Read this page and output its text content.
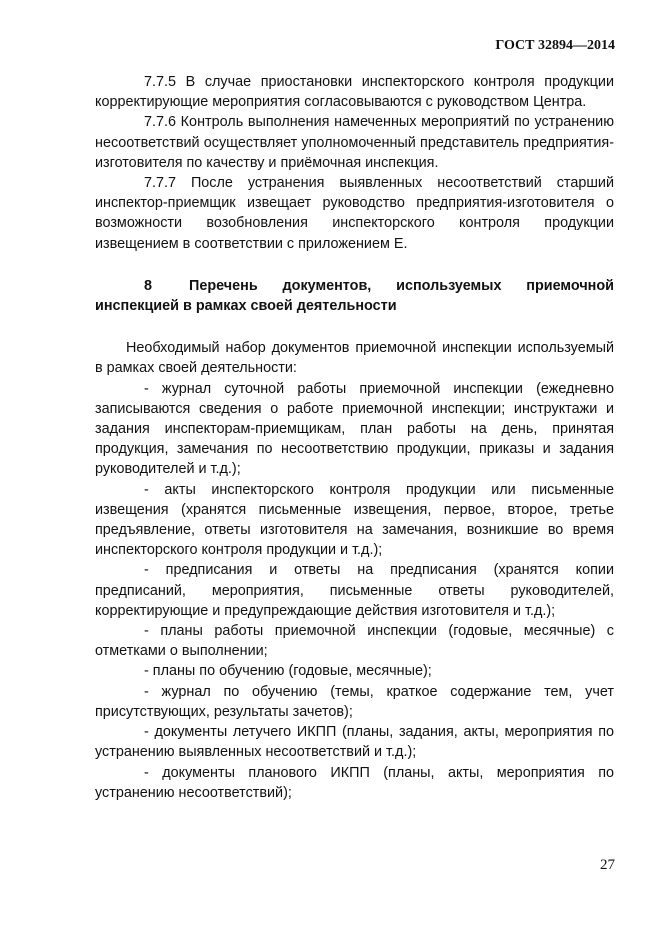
ГОСТ 32894—2014

7.7.5 В случае приостановки инспекторского контроля продукции корректирующие мероприятия согласовываются с руководством Центра.

7.7.6 Контроль выполнения намеченных мероприятий по устранению несоответствий осуществляет уполномоченный представитель предприятия-изготовителя по качеству и приёмочная инспекция.

7.7.7 После устранения выявленных несоответствий старший инспектор-приемщик извещает руководство предприятия-изготовителя о возможности возобновления инспекторского контроля продукции извещением в соответствии с приложением Е.

8	Перечень документов, используемых приемочной инспекцией в рамках своей деятельности

Необходимый набор документов приемочной инспекции используемый в рамках своей деятельности:

- журнал суточной работы приемочной инспекции (ежедневно записываются сведения о работе приемочной инспекции; инструктажи и задания инспекторам-приемщикам, план работы на день, принятая продукция, замечания по несоответствию продукции, приказы и задания руководителей и т.д.);

- акты инспекторского контроля продукции или письменные извещения (хранятся письменные извещения, первое, второе, третье предъявление, ответы изготовителя на замечания, возникшие во время инспекторского контроля продукции и т.д.);

- предписания и ответы на предписания (хранятся копии предписаний, мероприятия, письменные ответы руководителей, корректирующие и предупреждающие действия изготовителя и т.д.);

- планы работы приемочной инспекции (годовые, месячные) с отметками о выполнении;

- планы по обучению (годовые, месячные);

- журнал по обучению (темы, краткое содержание тем, учет присутствующих, результаты зачетов);

- документы летучего ИКПП (планы, задания, акты, мероприятия по устранению выявленных несоответствий и т.д.);

- документы планового ИКПП (планы, акты, мероприятия по устранению несоответствий);

27
